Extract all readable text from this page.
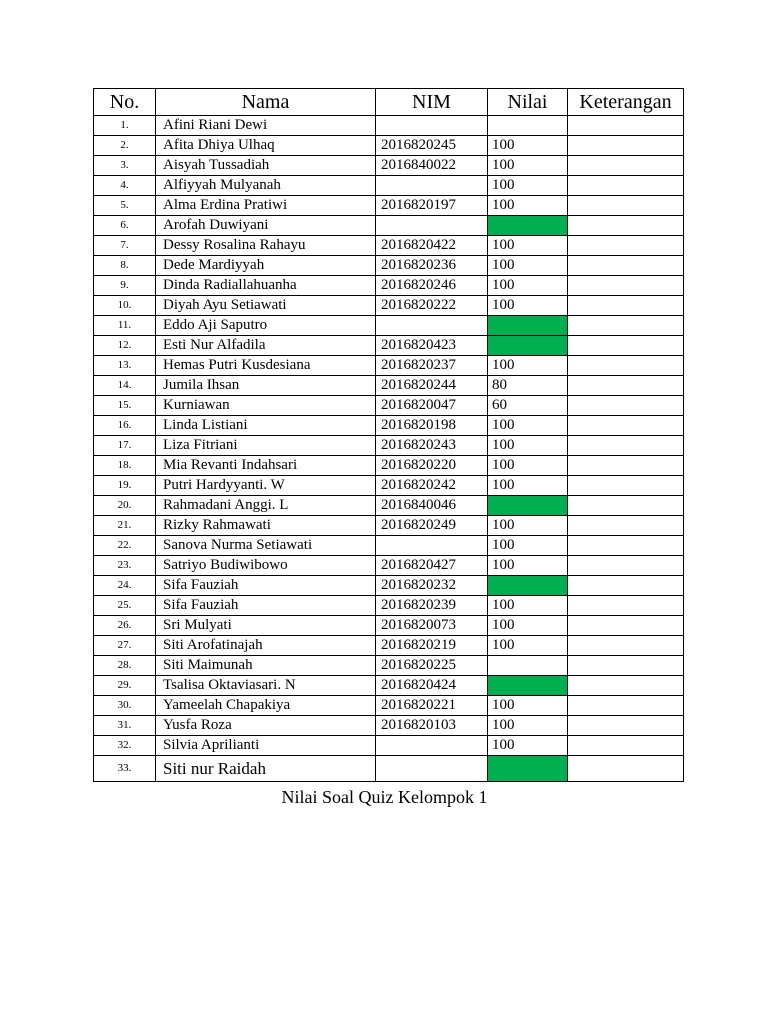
No.	Nama	NIM	Nilai	Keterangan
1.	Afini Riani Dewi			
2.	Afita Dhiya Ulhaq	2016820245	100	
3.	Aisyah Tussadiah	2016840022	100	
4.	Alfiyyah Mulyanah		100	
5.	Alma Erdina Pratiwi	2016820197	100	
6.	Arofah Duwiyani			
7.	Dessy Rosalina Rahayu	2016820422	100	
8.	Dede Mardiyyah	2016820236	100	
9.	Dinda Radiallahuanha	2016820246	100	
10.	Diyah Ayu Setiawati	2016820222	100	
11.	Eddo Aji Saputro			
12.	Esti Nur Alfadila	2016820423		
13.	Hemas Putri Kusdesiana	2016820237	100	
14.	Jumila Ihsan	2016820244	80	
15.	Kurniawan	2016820047	60	
16.	Linda Listiani	2016820198	100	
17.	Liza Fitriani	2016820243	100	
18.	Mia Revanti Indahsari	2016820220	100	
19.	Putri Hardyyanti. W	2016820242	100	
20.	Rahmadani Anggi. L	2016840046		
21.	Rizky Rahmawati	2016820249	100	
22.	Sanova Nurma Setiawati		100	
23.	Satriyo Budiwibowo	2016820427	100	
24.	Sifa Fauziah	2016820232		
25.	Sifa Fauziah	2016820239	100	
26.	Sri Mulyati	2016820073	100	
27.	Siti Arofatinajah	2016820219	100	
28.	Siti Maimunah	2016820225		
29.	Tsalisa Oktaviasari. N	2016820424		
30.	Yameelah Chapakiya	2016820221	100	
31.	Yusfa Roza	2016820103	100	
32.	Silvia Aprilianti		100	
33.	Siti nur Raidah			
Nilai Soal Quiz Kelompok 1
